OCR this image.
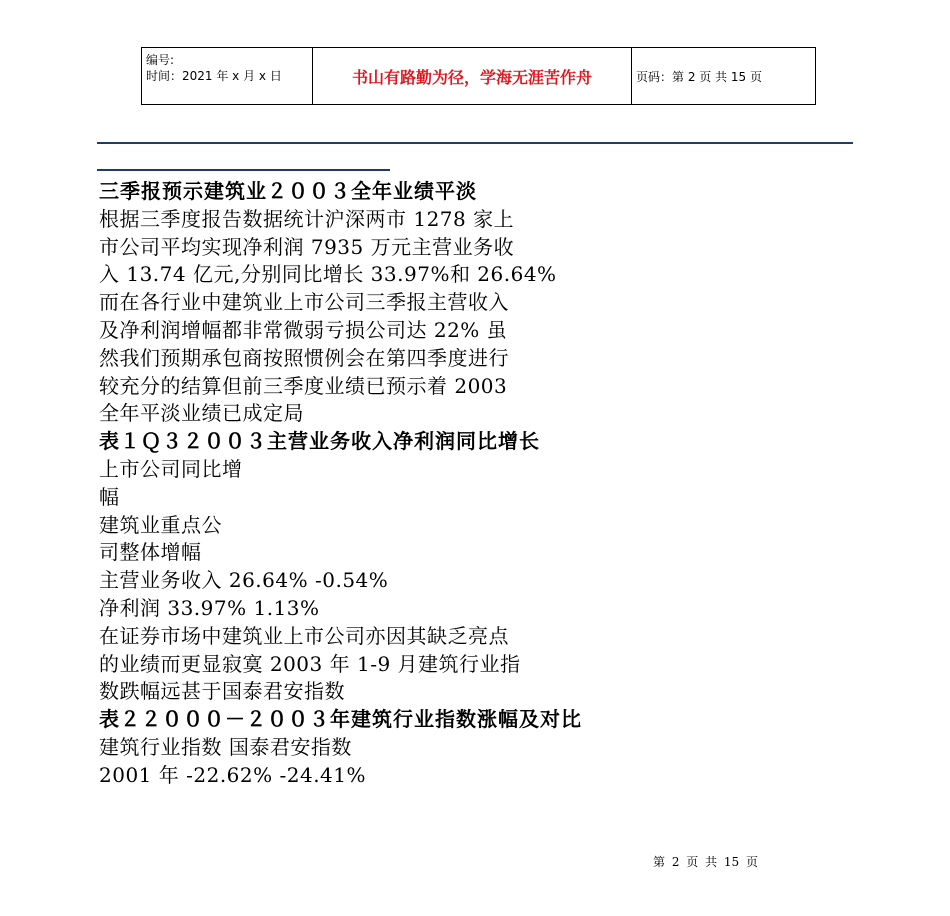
编号:
时间：2021 年 x 月 x 日	书山有路勤为径，学海无涯苦作舟	页码：第 2 页 共 15 页
三季报预示建筑业２００３全年业绩平淡
根据三季度报告数据统计沪深两市 1278 家上
市公司平均实现净利润 7935 万元主营业务收
入 13.74 亿元,分别同比增长 33.97%和 26.64%
而在各行业中建筑业上市公司三季报主营收入
及净利润增幅都非常微弱亏损公司达 22% 虽
然我们预期承包商按照惯例会在第四季度进行
较充分的结算但前三季度业绩已预示着 2003
全年平淡业绩已成定局
表１Ｑ３２００３主营业务收入净利润同比增长
上市公司同比增
幅
建筑业重点公
司整体增幅
主营业务收入 26.64% -0.54%
净利润 33.97% 1.13%
在证券市场中建筑业上市公司亦因其缺乏亮点
的业绩而更显寂寞 2003 年 1-9 月建筑行业指
数跌幅远甚于国泰君安指数
表２２０００－２００３年建筑行业指数涨幅及对比
建筑行业指数 国泰君安指数
2001 年 -22.62% -24.41%
第 2 页 共 15 页
